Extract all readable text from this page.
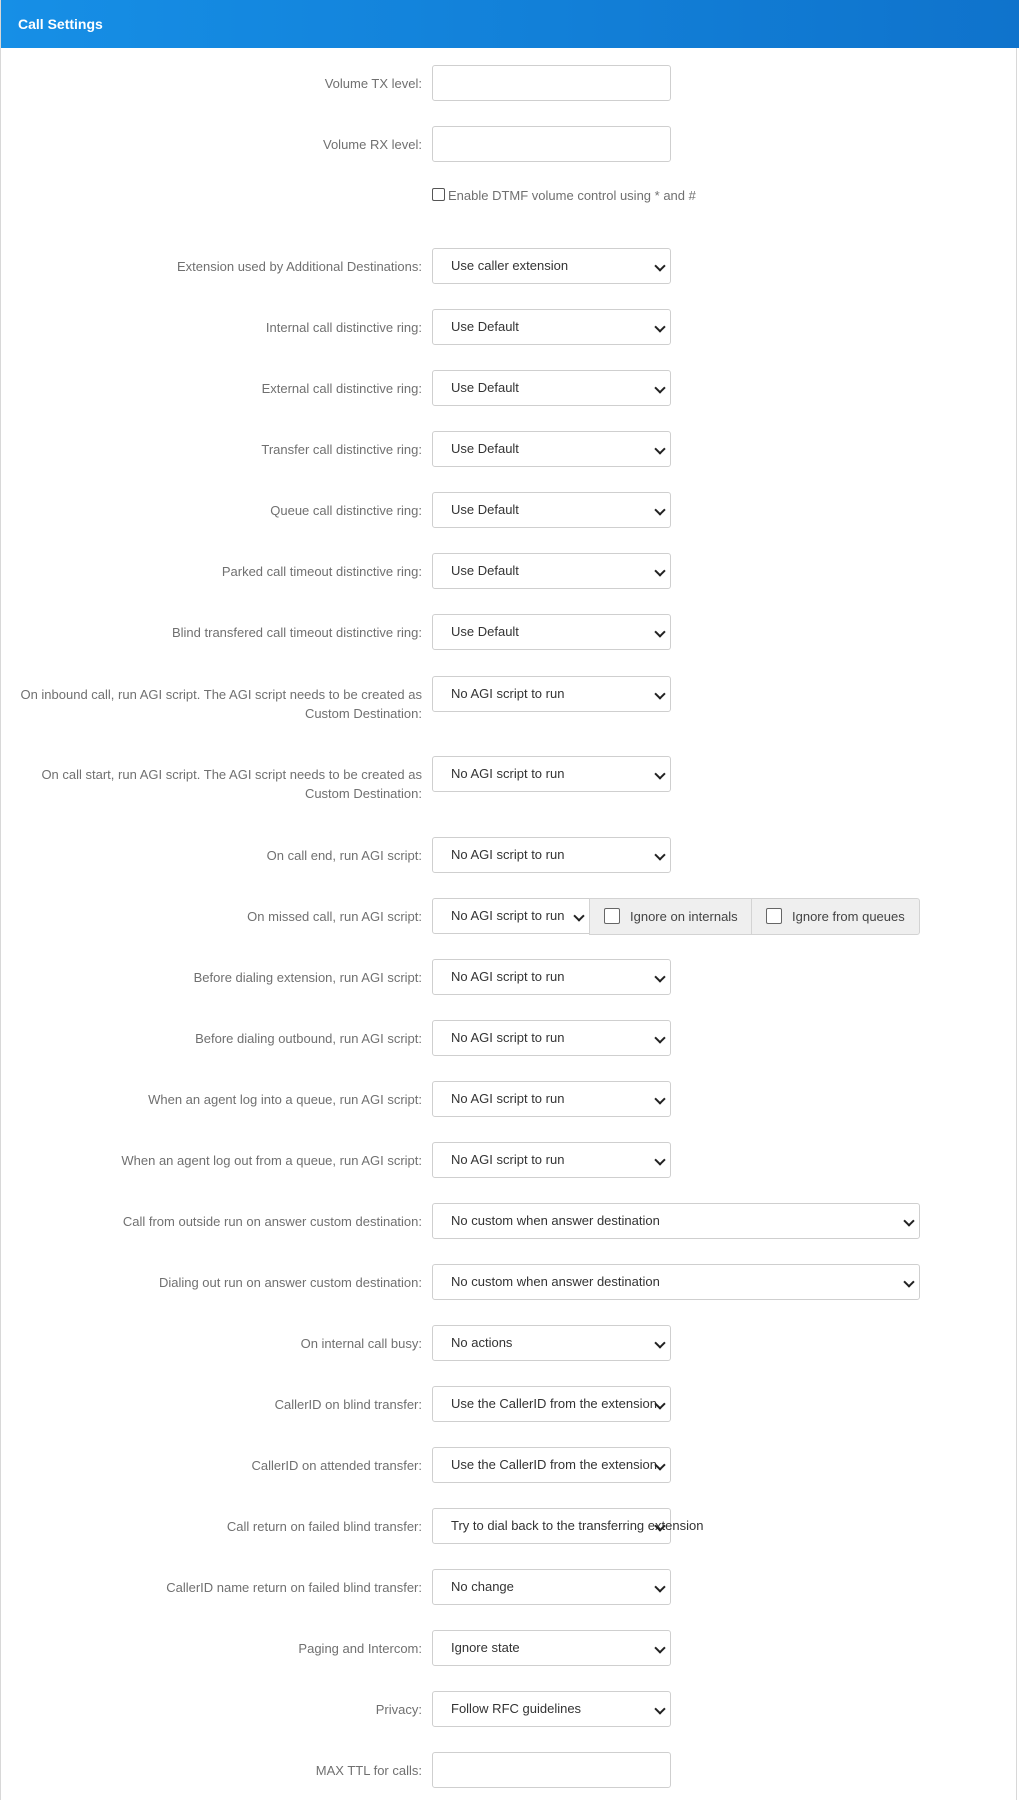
Call Settings
Volume TX level:
Volume RX level:
Enable DTMF volume control using * and #
Extension used by Additional Destinations:	Use caller extension
Internal call distinctive ring:	Use Default
External call distinctive ring:	Use Default
Transfer call distinctive ring:	Use Default
Queue call distinctive ring:	Use Default
Parked call timeout distinctive ring:	Use Default
Blind transfered call timeout distinctive ring:	Use Default
On inbound call, run AGI script. The AGI script needs to be created as
Custom Destination:
No AGI script to run
On call start, run AGI script. The AGI script needs to be created as
Custom Destination:
No AGI script to run
On call end, run AGI script:	No AGI script to run
On missed call, run AGI script:	No AGI script to run	Ignore on internals	Ignore from queues
Before dialing extension, run AGI script:	No AGI script to run
Before dialing outbound, run AGI script:	No AGI script to run
When an agent log into a queue, run AGI script:	No AGI script to run
When an agent log out from a queue, run AGI script:	No AGI script to run
Call from outside run on answer custom destination:	No custom when answer destination
Dialing out run on answer custom destination:	No custom when answer destination
On internal call busy:	No actions
CallerID on blind transfer:	Use the CallerID from the extension
CallerID on attended transfer:	Use the CallerID from the extension
Call return on failed blind transfer:	Try to dial back to the transferring extension
CallerID name return on failed blind transfer:	No change
Paging and Intercom:	Ignore state
Privacy:	Follow RFC guidelines
MAX TTL for calls:
